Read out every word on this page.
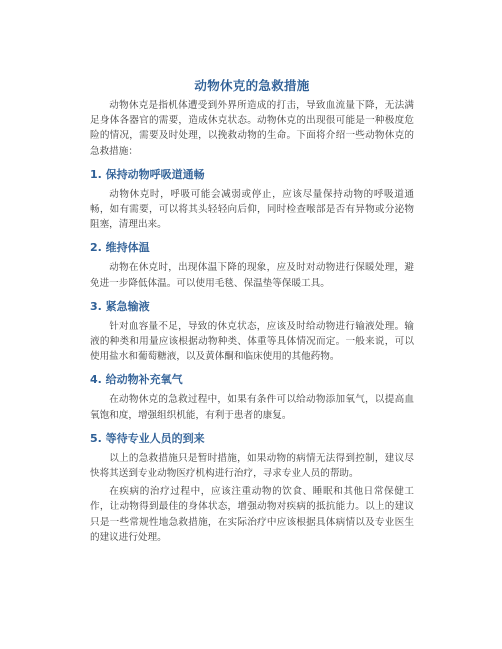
动物休克的急救措施

动物休克是指机体遭受到外界所造成的打击，导致血流量下降，无法满足身体各器官的需要，造成休克状态。动物休克的出现很可能是一种极度危险的情况，需要及时处理，以挽救动物的生命。下面将介绍一些动物休克的急救措施：

1. 保持动物呼吸道通畅

动物休克时，呼吸可能会减弱或停止，应该尽量保持动物的呼吸道通畅，如有需要，可以将其头轻轻向后仰，同时检查喉部是否有异物或分泌物阻塞，清理出来。

2. 维持体温

动物在休克时，出现体温下降的现象，应及时对动物进行保暖处理，避免进一步降低体温。可以使用毛毯、保温垫等保暖工具。

3. 紧急输液

针对血容量不足，导致的休克状态，应该及时给动物进行输液处理。输液的种类和用量应该根据动物种类、体重等具体情况而定。一般来说，可以使用盐水和葡萄糖液，以及黄体酮和临床使用的其他药物。

4. 给动物补充氧气

在动物休克的急救过程中，如果有条件可以给动物添加氧气，以提高血氧饱和度，增强组织机能，有利于患者的康复。

5. 等待专业人员的到来

以上的急救措施只是暂时措施，如果动物的病情无法得到控制，建议尽快将其送到专业动物医疗机构进行治疗，寻求专业人员的帮助。

在疾病的治疗过程中，应该注重动物的饮食、睡眠和其他日常保健工作，让动物得到最佳的身体状态，增强动物对疾病的抵抗能力。以上的建议只是一些常规性地急救措施，在实际治疗中应该根据具体病情以及专业医生的建议进行处理。
